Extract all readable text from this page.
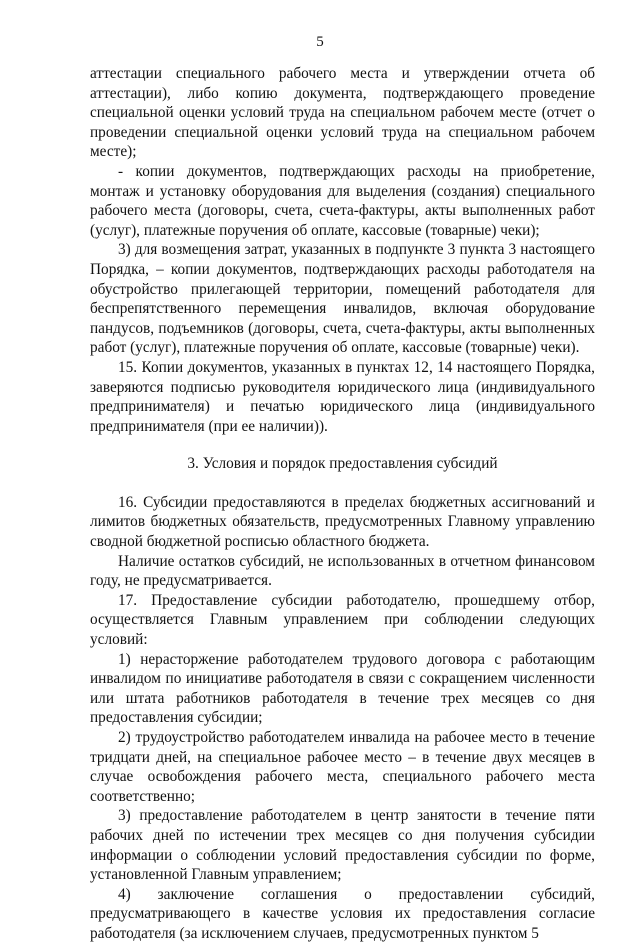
5

аттестации специального рабочего места и утверждении отчета об аттестации), либо копию документа, подтверждающего проведение специальной оценки условий труда на специальном рабочем месте (отчет о проведении специальной оценки условий труда на специальном рабочем месте);

- копии документов, подтверждающих расходы на приобретение, монтаж и установку оборудования для выделения (создания) специального рабочего места (договоры, счета, счета-фактуры, акты выполненных работ (услуг), платежные поручения об оплате, кассовые (товарные) чеки);

3) для возмещения затрат, указанных в подпункте 3 пункта 3 настоящего Порядка, – копии документов, подтверждающих расходы работодателя на обустройство прилегающей территории, помещений работодателя для беспрепятственного перемещения инвалидов, включая оборудование пандусов, подъемников (договоры, счета, счета-фактуры, акты выполненных работ (услуг), платежные поручения об оплате, кассовые (товарные) чеки).

15. Копии документов, указанных в пунктах 12, 14 настоящего Порядка, заверяются подписью руководителя юридического лица (индивидуального предпринимателя) и печатью юридического лица (индивидуального предпринимателя (при ее наличии)).

3. Условия и порядок предоставления субсидий

16. Субсидии предоставляются в пределах бюджетных ассигнований и лимитов бюджетных обязательств, предусмотренных Главному управлению сводной бюджетной росписью областного бюджета.

Наличие остатков субсидий, не использованных в отчетном финансовом году, не предусматривается.

17. Предоставление субсидии работодателю, прошедшему отбор, осуществляется Главным управлением при соблюдении следующих условий:

1) нерасторжение работодателем трудового договора с работающим инвалидом по инициативе работодателя в связи с сокращением численности или штата работников работодателя в течение трех месяцев со дня предоставления субсидии;

2) трудоустройство работодателем инвалида на рабочее место в течение тридцати дней, на специальное рабочее место – в течение двух месяцев в случае освобождения рабочего места, специального рабочего места соответственно;

3) предоставление работодателем в центр занятости в течение пяти рабочих дней по истечении трех месяцев со дня получения субсидии информации о соблюдении условий предоставления субсидии по форме, установленной Главным управлением;

4) заключение соглашения о предоставлении субсидий, предусматривающего в качестве условия их предоставления согласие работодателя (за исключением случаев, предусмотренных пунктом 5
